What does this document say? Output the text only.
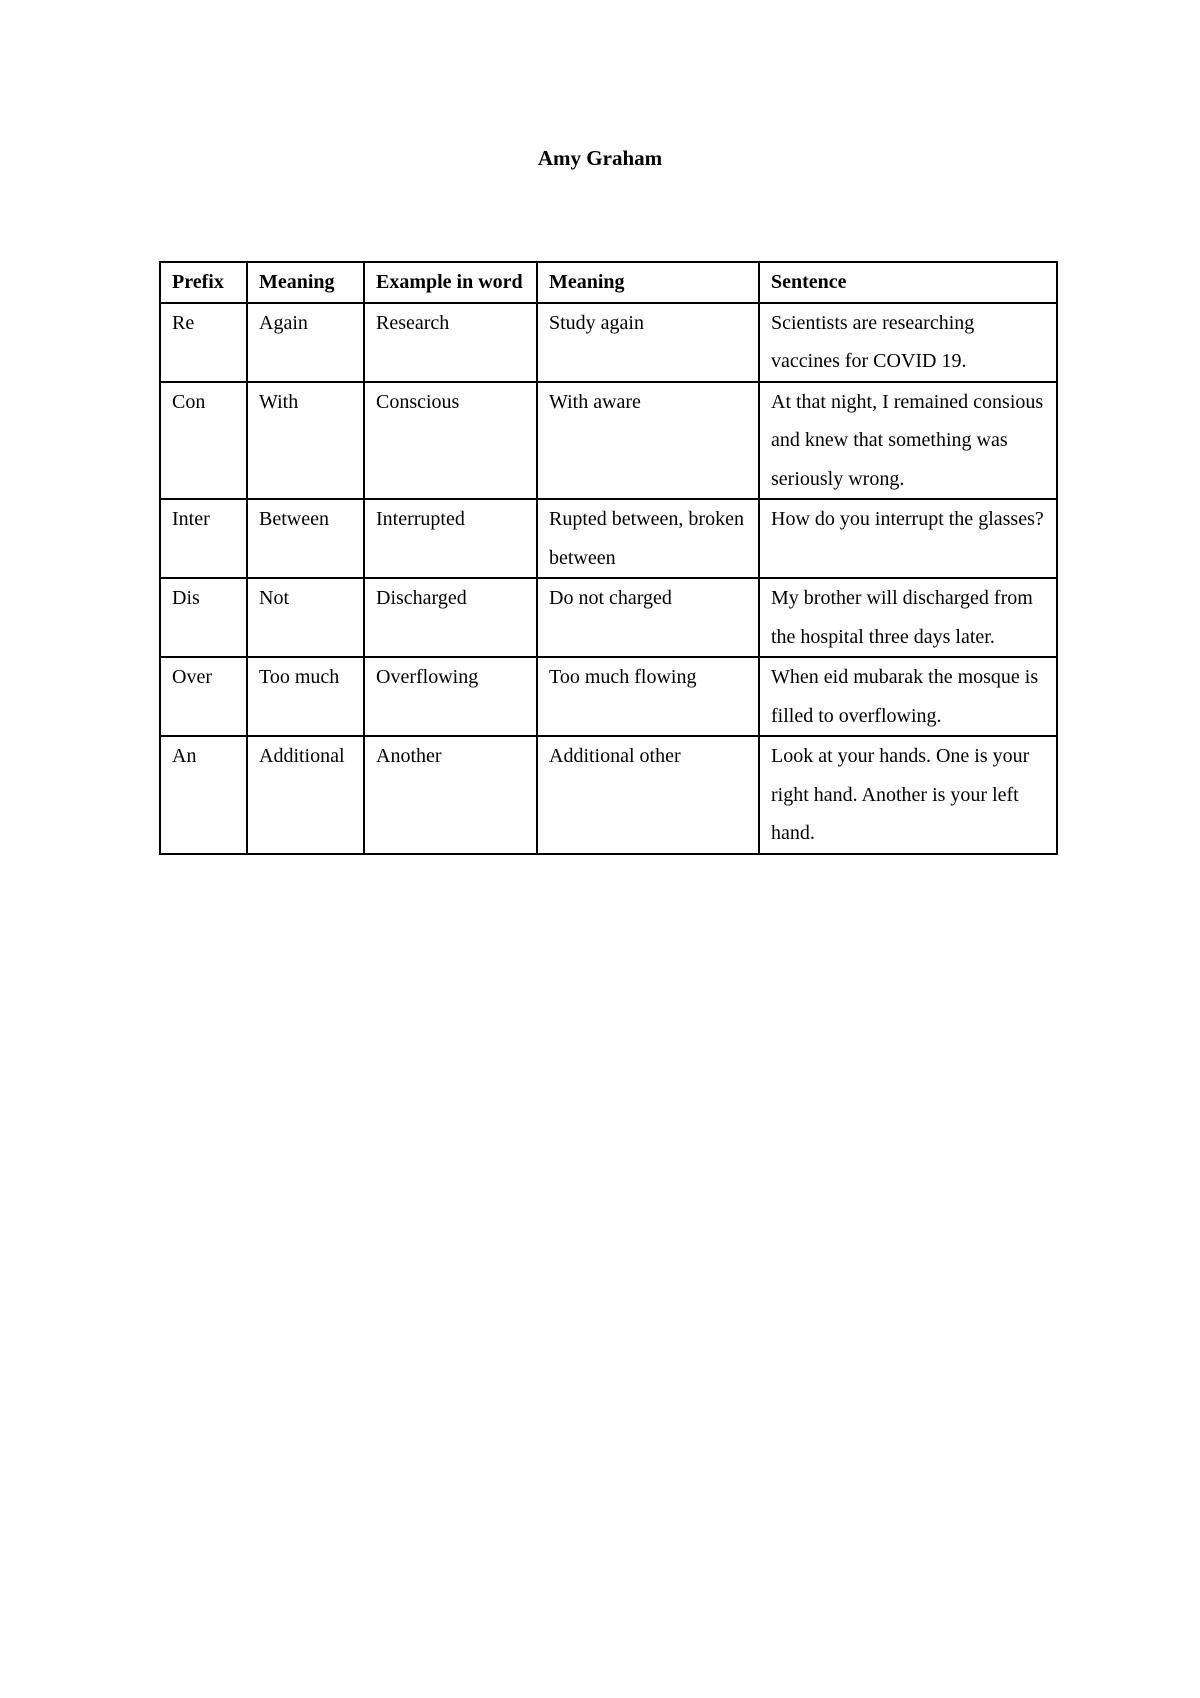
Amy Graham
Prefix	Meaning	Example in word	Meaning	Sentence
Re	Again	Research	Study again	Scientists are researching vaccines for COVID 19.
Con	With	Conscious	With aware	At that night, I remained consious and knew that something was seriously wrong.
Inter	Between	Interrupted	Rupted between, broken between	How do you interrupt the glasses?
Dis	Not	Discharged	Do not charged	My brother will discharged from the hospital three days later.
Over	Too much	Overflowing	Too much flowing	When eid mubarak the mosque is filled to overflowing.
An	Additional	Another	Additional other	Look at your hands. One is your right hand. Another is your left hand.
